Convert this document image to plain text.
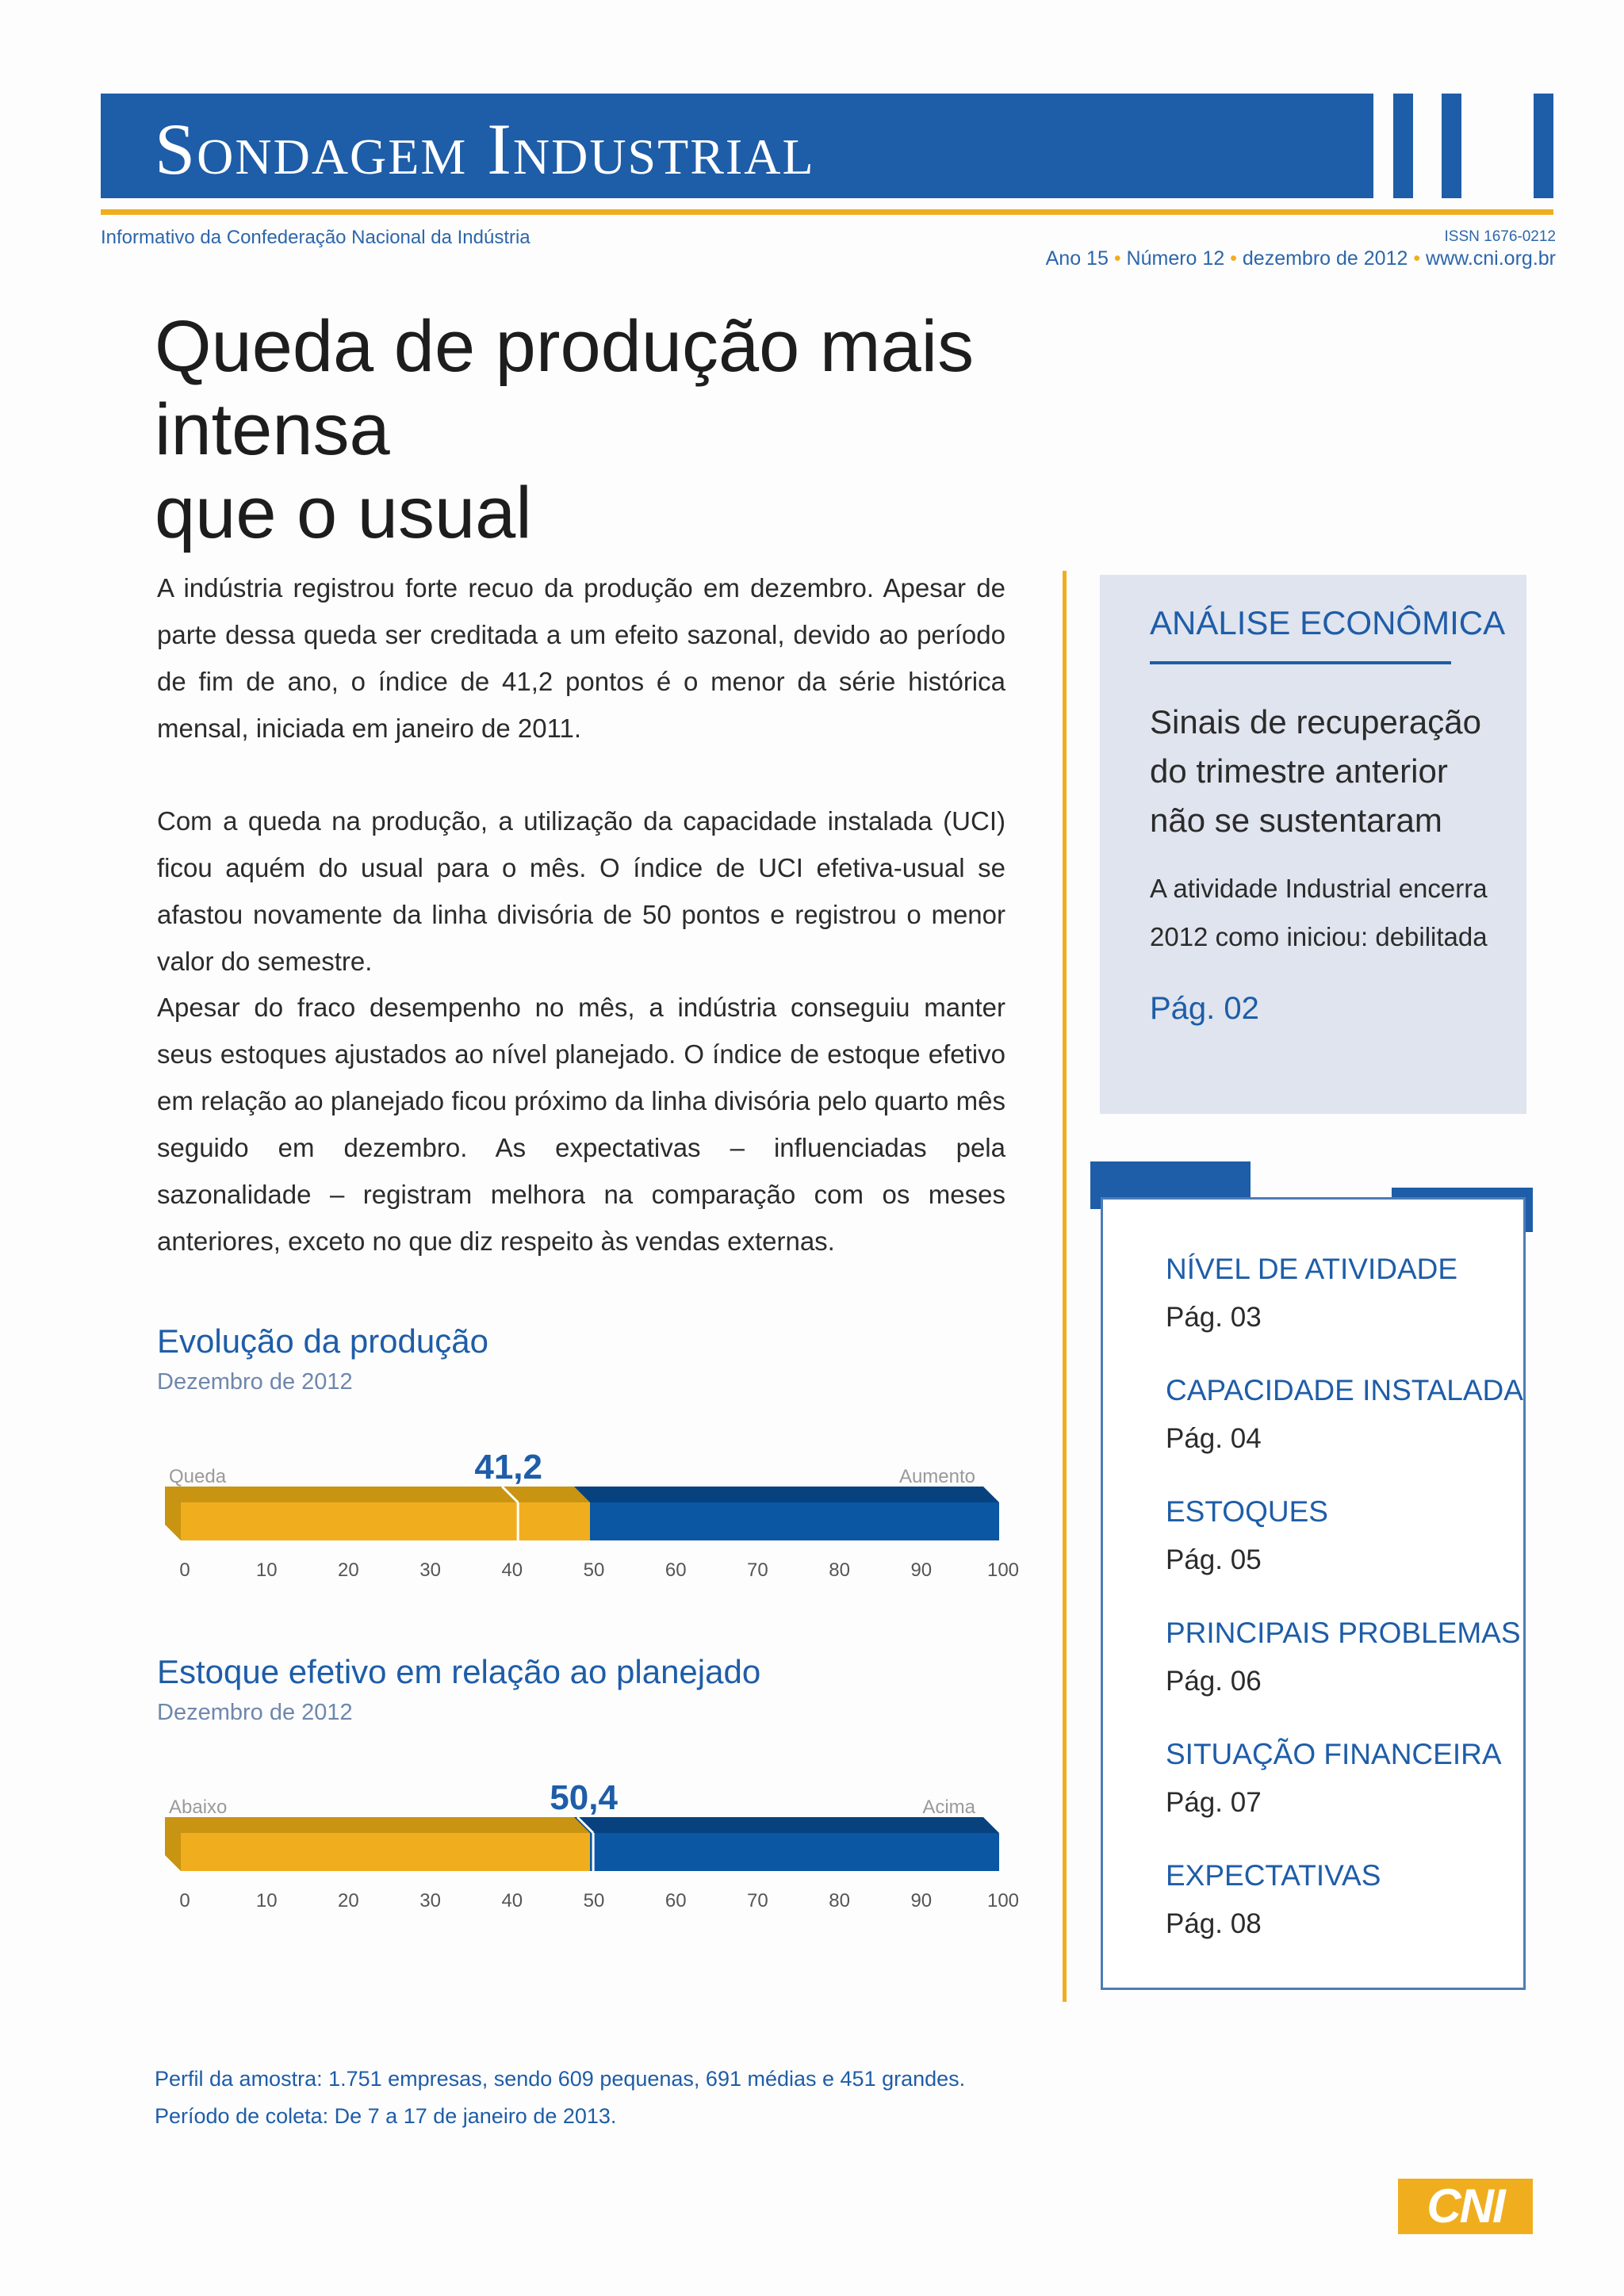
Sondagem Industrial
Informativo da Confederação Nacional da Indústria	ISSN 1676-0212
Ano 15 • Número 12 • dezembro de 2012 • www.cni.org.br
Queda de produção mais intensa
que o usual

A indústria registrou forte recuo da produção em dezembro. Apesar de parte dessa queda ser creditada a um efeito sazonal, devido ao período de fim de ano, o índice de 41,2 pontos é o menor da série histórica mensal, iniciada em janeiro de 2011.

Com a queda na produção, a utilização da capacidade instalada (UCI) ficou aquém do usual para o mês. O índice de UCI efetiva-usual se afastou novamente da linha divisória de 50 pontos e registrou o menor valor do semestre.

Apesar do fraco desempenho no mês, a indústria conseguiu manter seus estoques ajustados ao nível planejado. O índice de estoque efetivo em relação ao planejado ficou próximo da linha divisória pelo quarto mês seguido em dezembro. As expectativas – influenciadas pela sazonalidade – registram melhora na comparação com os meses anteriores, exceto no que diz respeito às vendas externas.

Evolução da produção
Dezembro de 2012
Queda	Aumento
41,2
0	10	20	30	40	50	60	70	80	90	100
Estoque efetivo em relação ao planejado
Dezembro de 2012
Abaixo	Acima
50,4
0	10	20	30	40	50	60	70	80	90	100
ANÁLISE ECONÔMICA
Sinais de recuperação do trimestre anterior não se sustentaram
A atividade Industrial encerra 2012 como iniciou: debilitada
Pág. 02
NÍVEL DE ATIVIDADE
Pág. 03
CAPACIDADE INSTALADA
Pág. 04
ESTOQUES
Pág. 05
PRINCIPAIS PROBLEMAS
Pág. 06
SITUAÇÃO FINANCEIRA
Pág. 07
EXPECTATIVAS
Pág. 08
Perfil da amostra: 1.751 empresas, sendo 609 pequenas, 691 médias e 451 grandes.
Período de coleta: De 7 a 17 de janeiro de 2013.
CNI
